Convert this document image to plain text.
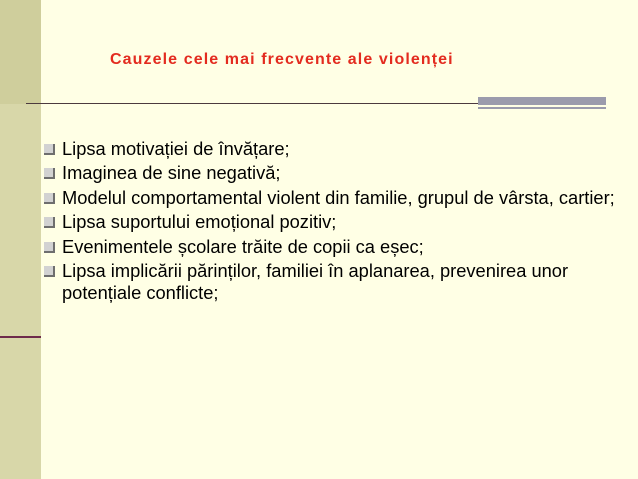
Cauzele cele mai frecvente ale violenței
Lipsa motivației de învățare;
Imaginea de sine negativă;
Modelul comportamental violent din familie, grupul de vârsta, cartier;
Lipsa suportului emoțional pozitiv;
Evenimentele școlare trăite de copii ca eșec;
Lipsa implicării părinților, familiei în aplanarea, prevenirea unor potențiale conflicte;
